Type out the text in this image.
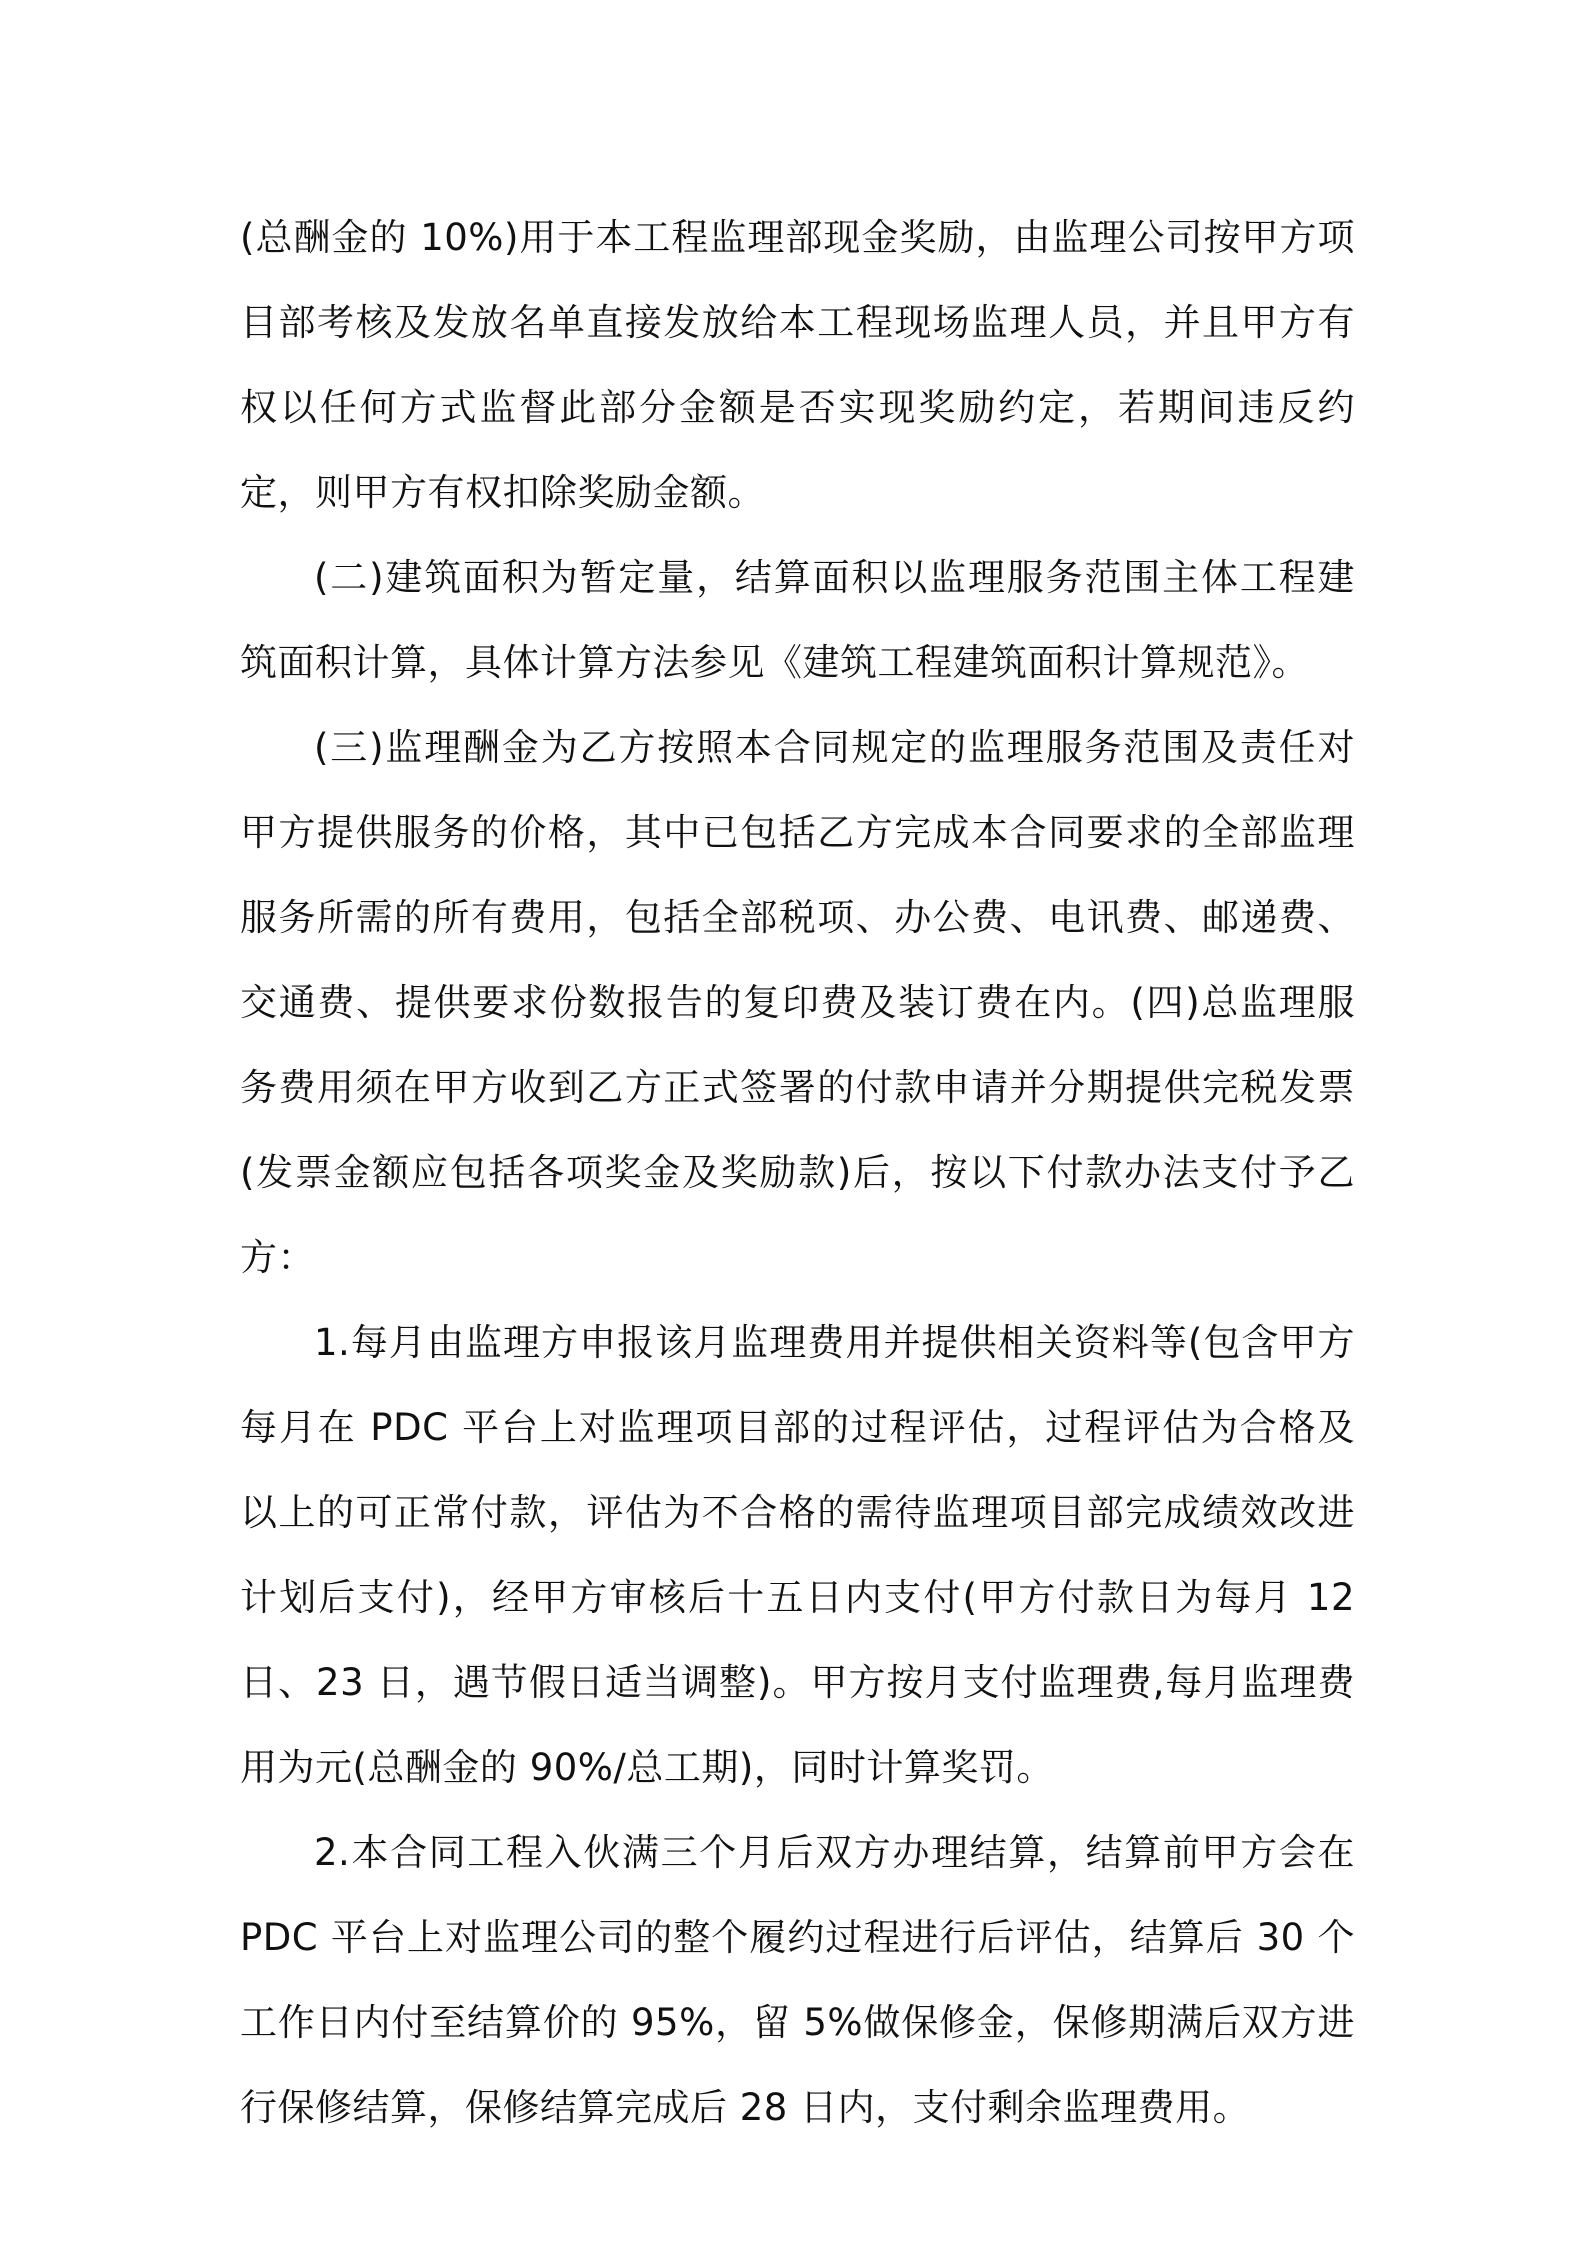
(总酬金的 10%)用于本工程监理部现金奖励，由监理公司按甲方项目部考核及发放名单直接发放给本工程现场监理人员，并且甲方有权以任何方式监督此部分金额是否实现奖励约定，若期间违反约定，则甲方有权扣除奖励金额。

(二)建筑面积为暂定量，结算面积以监理服务范围主体工程建筑面积计算，具体计算方法参见《建筑工程建筑面积计算规范》。

(三)监理酬金为乙方按照本合同规定的监理服务范围及责任对甲方提供服务的价格，其中已包括乙方完成本合同要求的全部监理服务所需的所有费用，包括全部税项、办公费、电讯费、邮递费、交通费、提供要求份数报告的复印费及装订费在内。(四)总监理服务费用须在甲方收到乙方正式签署的付款申请并分期提供完税发票(发票金额应包括各项奖金及奖励款)后，按以下付款办法支付予乙方：

1.每月由监理方申报该月监理费用并提供相关资料等(包含甲方每月在 PDC 平台上对监理项目部的过程评估，过程评估为合格及以上的可正常付款，评估为不合格的需待监理项目部完成绩效改进计划后支付)，经甲方审核后十五日内支付(甲方付款日为每月 12 日、23 日，遇节假日适当调整)。甲方按月支付监理费,每月监理费用为元(总酬金的 90%/总工期)，同时计算奖罚。

2.本合同工程入伙满三个月后双方办理结算，结算前甲方会在 PDC 平台上对监理公司的整个履约过程进行后评估，结算后 30 个工作日内付至结算价的 95%，留 5%做保修金，保修期满后双方进行保修结算，保修结算完成后 28 日内，支付剩余监理费用。
